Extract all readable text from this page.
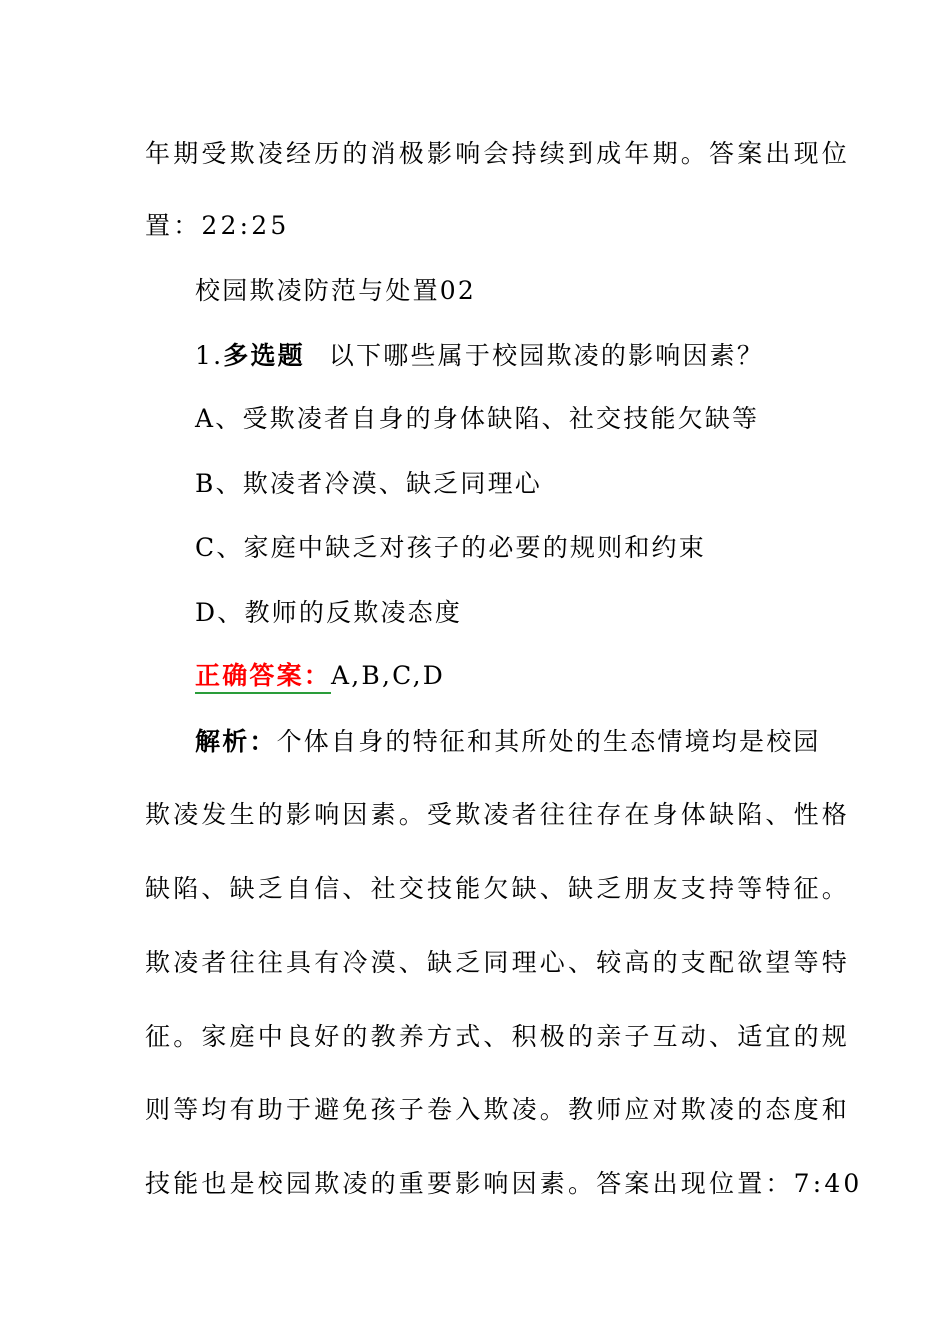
年期受欺凌经历的消极影响会持续到成年期。答案出现位
置：22:25
校园欺凌防范与处置02
1.多选题 以下哪些属于校园欺凌的影响因素？
A、受欺凌者自身的身体缺陷、社交技能欠缺等
B、欺凌者冷漠、缺乏同理心
C、家庭中缺乏对孩子的必要的规则和约束
D、教师的反欺凌态度
正确答案：A,B,C,D
解析：个体自身的特征和其所处的生态情境均是校园
欺凌发生的影响因素。受欺凌者往往存在身体缺陷、性格
缺陷、缺乏自信、社交技能欠缺、缺乏朋友支持等特征。
欺凌者往往具有冷漠、缺乏同理心、较高的支配欲望等特
征。家庭中良好的教养方式、积极的亲子互动、适宜的规
则等均有助于避免孩子卷入欺凌。教师应对欺凌的态度和
技能也是校园欺凌的重要影响因素。答案出现位置：7:40
